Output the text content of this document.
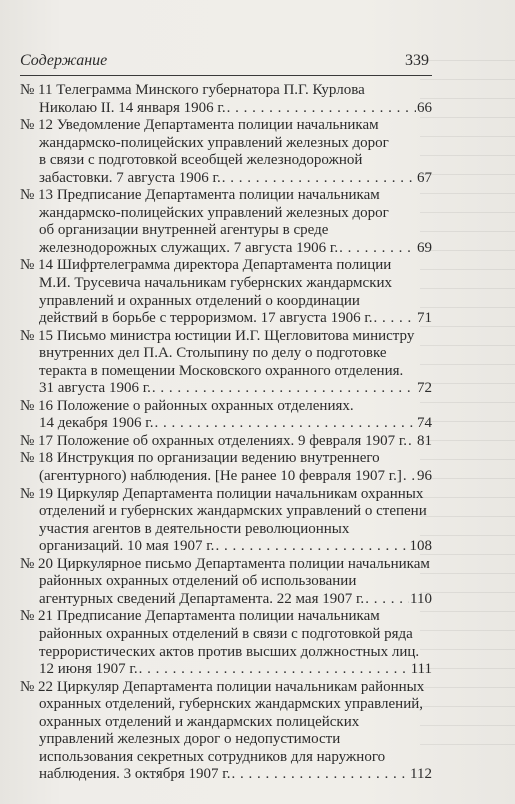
Содержание	339
№ 11 Телеграмма Минского губернатора П.Г. Курлова
Николаю II. 14 января 1906 г. . . .	66
№ 12 Уведомление Департамента полиции начальникам
жандармско-полицейских управлений железных дорог
в связи с подготовкой всеобщей железнодорожной
забастовки. 7 августа 1906 г. . . .	67
№ 13 Предписание Департамента полиции начальникам
жандармско-полицейских управлений железных дорог
об организации внутренней агентуры в среде
железнодорожных служащих. 7 августа 1906 г. . . .	69
№ 14 Шифртелеграмма директора Департамента полиции
М.И. Трусевича начальникам губернских жандармских
управлений и охранных отделений о координации
действий в борьбе с терроризмом. 17 августа 1906 г. . . .	71
№ 15 Письмо министра юстиции И.Г. Щегловитова министру
внутренних дел П.А. Столыпину по делу о подготовке
теракта в помещении Московского охранного отделения.
31 августа 1906 г. . . .	72
№ 16 Положение о районных охранных отделениях.
14 декабря 1906 г. . . .	74
№ 17 Положение об охранных отделениях. 9 февраля 1907 г. . . . 81
№ 18 Инструкция по организации ведению внутреннего
(агентурного) наблюдения. [Не ранее 10 февраля 1907 г.] . . . 96
№ 19 Циркуляр Департамента полиции начальникам охранных
отделений и губернских жандармских управлений о степени
участия агентов в деятельности революционных
организаций. 10 мая 1907 г. . . .	108
№ 20 Циркулярное письмо Департамента полиции начальникам
районных охранных отделений об использовании
агентурных сведений Департамента. 22 мая 1907 г. . . .	110
№ 21 Предписание Департамента полиции начальникам
районных охранных отделений в связи с подготовкой ряда
террористических актов против высших должностных лиц.
12 июня 1907 г. . . .	111
№ 22 Циркуляр Департамента полиции начальникам районных
охранных отделений, губернских жандармских управлений,
охранных отделений и жандармских полицейских
управлений железных дорог о недопустимости
использования секретных сотрудников для наружного
наблюдения. 3 октября 1907 г. . . .	112
